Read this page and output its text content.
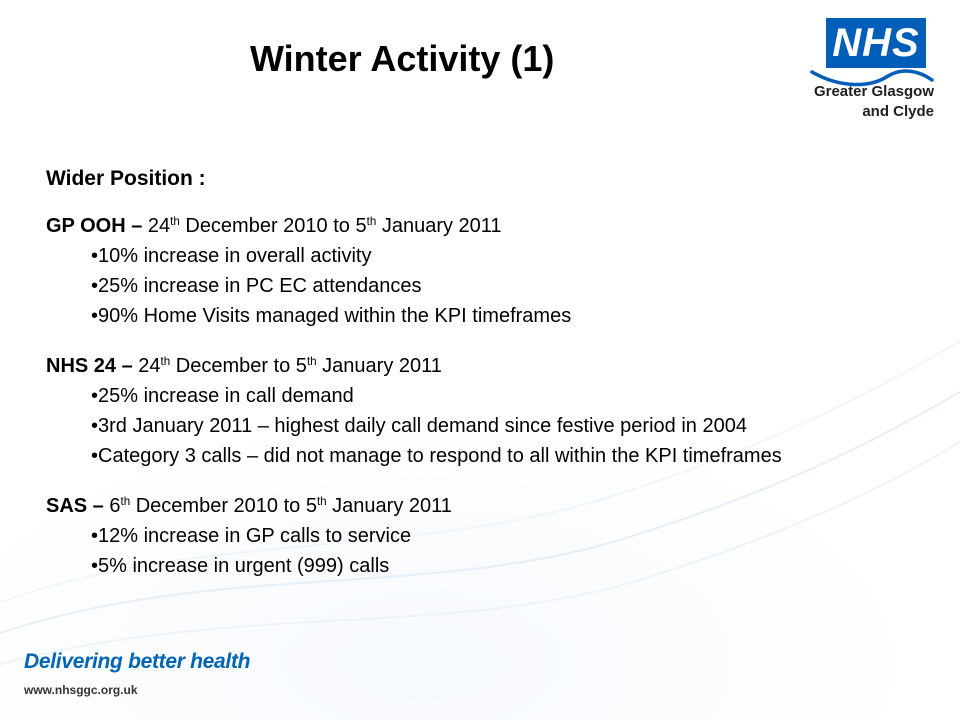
Winter Activity (1)	NHS
Greater Glasgow
and Clyde

Wider Position :

GP OOH – 24th December 2010 to 5th January 2011

• 10% increase in overall activity
• 25% increase in PC EC attendances
• 90% Home Visits managed within the KPI timeframes

NHS 24 – 24th December to 5th January 2011

• 25% increase in call demand
• 3rd January 2011 – highest daily call demand since festive period in 2004
• Category 3 calls – did not manage to respond to all within the KPI timeframes

SAS – 6th December 2010 to 5th January 2011

• 12% increase in GP calls to service
• 5% increase in urgent (999) calls
Delivering better health
www.nhsggc.org.uk
